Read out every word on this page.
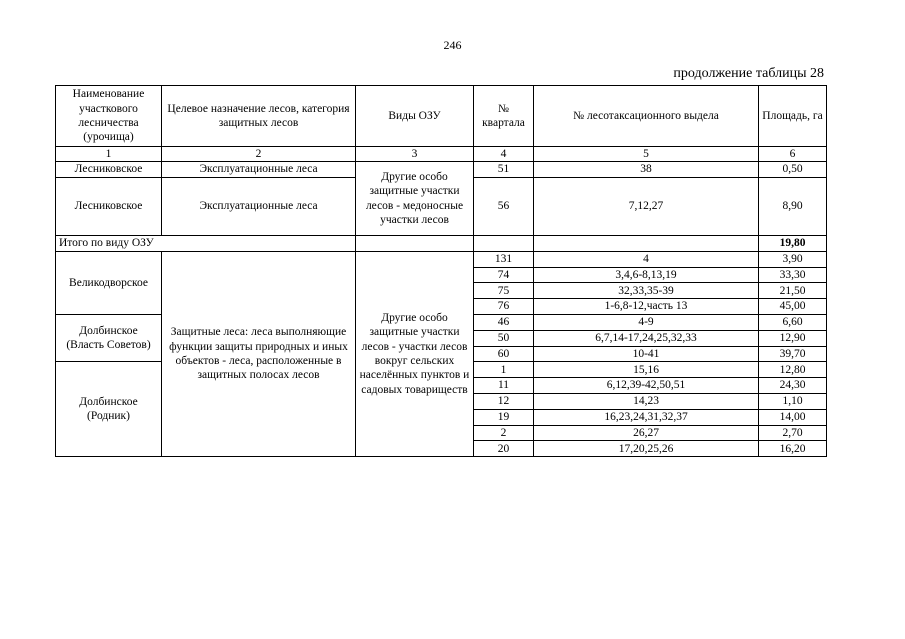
246
продолжение таблицы 28
Наименование участкового лесничества (урочища)	Целевое назначение лесов, категория защитных лесов	Виды ОЗУ	№ квартала	№ лесотаксационного выдела	Площадь, га
1	2	3	4	5	6
Лесниковское	Эксплуатационные леса	Другие особо защитные участки лесов - медоносные участки лесов	51	38	0,50
Лесниковское	Эксплуатационные леса		56	7,12,27	8,90
Итого по виду ОЗУ					19,80
Великодворское	Защитные леса: леса выполняющие функции защиты природных и иных объектов - леса, расположенные в защитных полосах лесов	Другие особо защитные участки лесов - участки лесов вокруг сельских населённых пунктов и садовых товариществ	131	4	3,90
			74	3,4,6-8,13,19	33,30
			75	32,33,35-39	21,50
			76	1-6,8-12,часть 13	45,00
Долбинское (Власть Советов)			46	4-9	6,60
			50	6,7,14-17,24,25,32,33	12,90
			60	10-41	39,70
Долбинское (Родник)			1	15,16	12,80
			11	6,12,39-42,50,51	24,30
			12	14,23	1,10
			19	16,23,24,31,32,37	14,00
			2	26,27	2,70
			20	17,20,25,26	16,20
